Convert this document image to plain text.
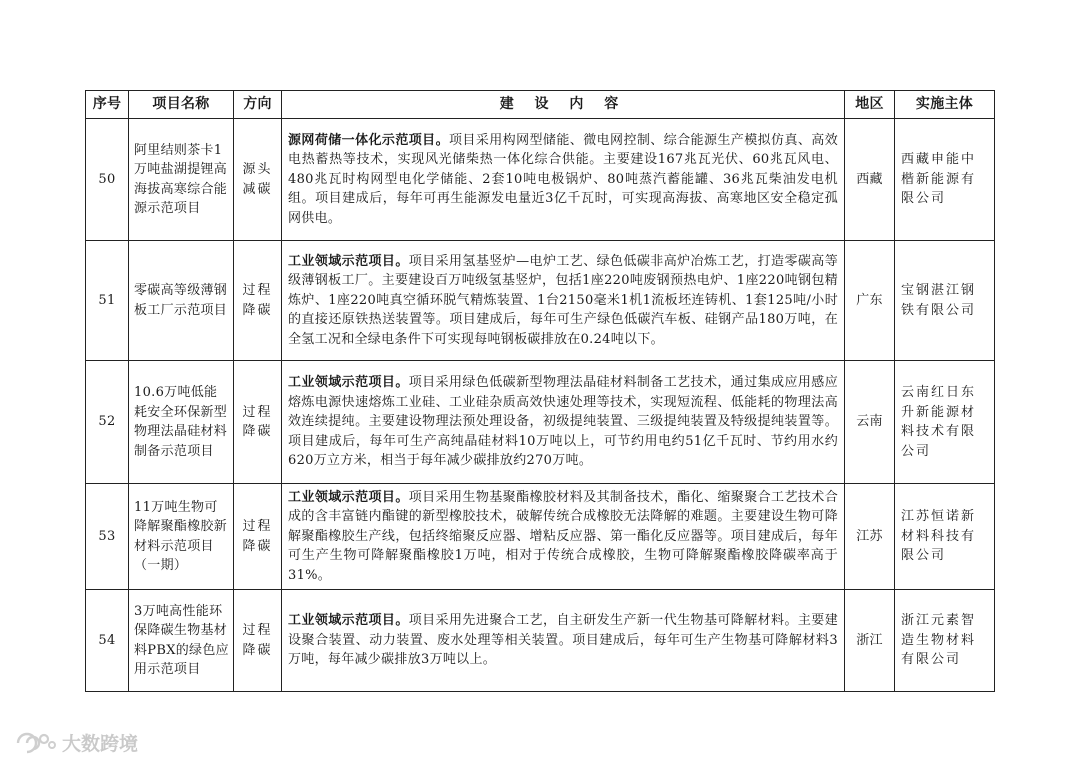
序号	项目名称	方向	建 设 内 容	地区	实施主体
50	阿里结则茶卡1万吨盐湖提锂高海拔高寒综合能源示范项目	源头减碳	源网荷储一体化示范项目。项目采用构网型储能、微电网控制、综合能源生产模拟仿真、高效电热蓄热等技术，实现风光储柴热一体化综合供能。主要建设167兆瓦光伏、60兆瓦风电、480兆瓦时构网型电化学储能、2套10吨电极锅炉、80吨蒸汽蓄能罐、36兆瓦柴油发电机组。项目建成后，每年可再生能源发电量近3亿千瓦时，可实现高海拔、高寒地区安全稳定孤网供电。	西藏	西藏申能中楷新能源有限公司
51	零碳高等级薄钢板工厂示范项目	过程降碳	工业领域示范项目。项目采用氢基竖炉—电炉工艺、绿色低碳非高炉冶炼工艺，打造零碳高等级薄钢板工厂。主要建设百万吨级氢基竖炉，包括1座220吨废钢预热电炉、1座220吨钢包精炼炉、1座220吨真空循环脱气精炼装置、1台2150毫米1机1流板坯连铸机、1套125吨/小时的直接还原铁热送装置等。项目建成后，每年可生产绿色低碳汽车板、硅钢产品180万吨，在全氢工况和全绿电条件下可实现每吨钢板碳排放在0.24吨以下。	广东	宝钢湛江钢铁有限公司
52	10.6万吨低能耗安全环保新型物理法晶硅材料制备示范项目	过程降碳	工业领域示范项目。项目采用绿色低碳新型物理法晶硅材料制备工艺技术，通过集成应用感应熔炼电源快速熔炼工业硅、工业硅杂质高效快速处理等技术，实现短流程、低能耗的物理法高效连续提纯。主要建设物理法预处理设备，初级提纯装置、三级提纯装置及特级提纯装置等。项目建成后，每年可生产高纯晶硅材料10万吨以上，可节约用电约51亿千瓦时、节约用水约620万立方米，相当于每年减少碳排放约270万吨。	云南	云南红日东升新能源材料技术有限公司
53	11万吨生物可降解聚酯橡胶新材料示范项目（一期）	过程降碳	工业领域示范项目。项目采用生物基聚酯橡胶材料及其制备技术，酯化、缩聚聚合工艺技术合成的含丰富链内酯键的新型橡胶技术，破解传统合成橡胶无法降解的难题。主要建设生物可降解聚酯橡胶生产线，包括终缩聚反应器、增粘反应器、第一酯化反应器等。项目建成后，每年可生产生物可降解聚酯橡胶1万吨，相对于传统合成橡胶，生物可降解聚酯橡胶降碳率高于31%。	江苏	江苏恒诺新材料科技有限公司
54	3万吨高性能环保降碳生物基材料PBX的绿色应用示范项目	过程降碳	工业领域示范项目。项目采用先进聚合工艺，自主研发生产新一代生物基可降解材料。主要建设聚合装置、动力装置、废水处理等相关装置。项目建成后，每年可生产生物基可降解材料3万吨，每年减少碳排放3万吨以上。	浙江	浙江元素智造生物材料有限公司
大数跨境
